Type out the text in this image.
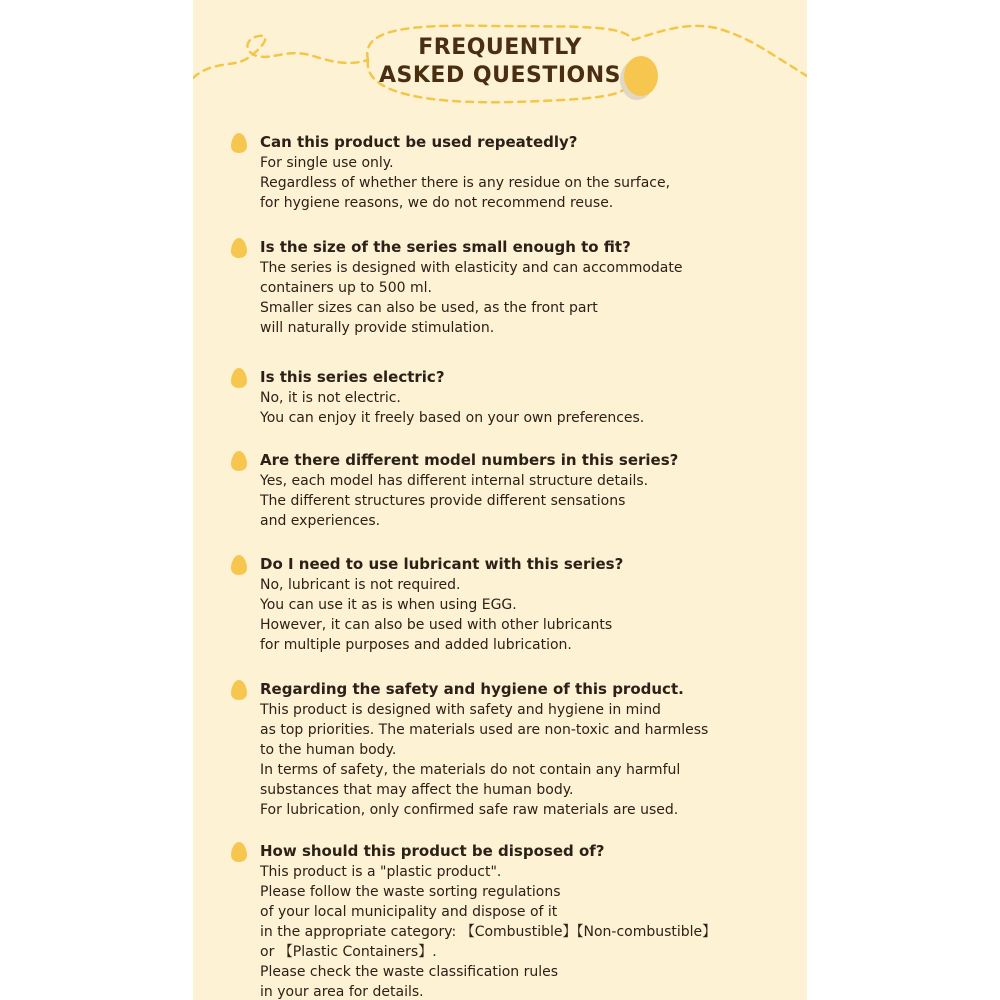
FREQUENTLY
ASKED QUESTIONS
Can this product be used repeatedly?
For single use only.
Regardless of whether there is any residue on the surface,
for hygiene reasons, we do not recommend reuse.
Is the size of the series small enough to fit?
The series is designed with elasticity and can accommodate
containers up to 500 ml.
Smaller sizes can also be used, as the front part
will naturally provide stimulation.
Is this series electric?
No, it is not electric.
You can enjoy it freely based on your own preferences.
Are there different model numbers in this series?
Yes, each model has different internal structure details.
The different structures provide different sensations
and experiences.
Do I need to use lubricant with this series?
No, lubricant is not required.
You can use it as is when using EGG.
However, it can also be used with other lubricants
for multiple purposes and added lubrication.
Regarding the safety and hygiene of this product.
This product is designed with safety and hygiene in mind
as top priorities. The materials used are non-toxic and harmless
to the human body.
In terms of safety, the materials do not contain any harmful
substances that may affect the human body.
For lubrication, only confirmed safe raw materials are used.
How should this product be disposed of?
This product is a "plastic product".
Please follow the waste sorting regulations
of your local municipality and dispose of it
in the appropriate category: 【Combustible】【Non-combustible】
or 【Plastic Containers】.
Please check the waste classification rules
in your area for details.
